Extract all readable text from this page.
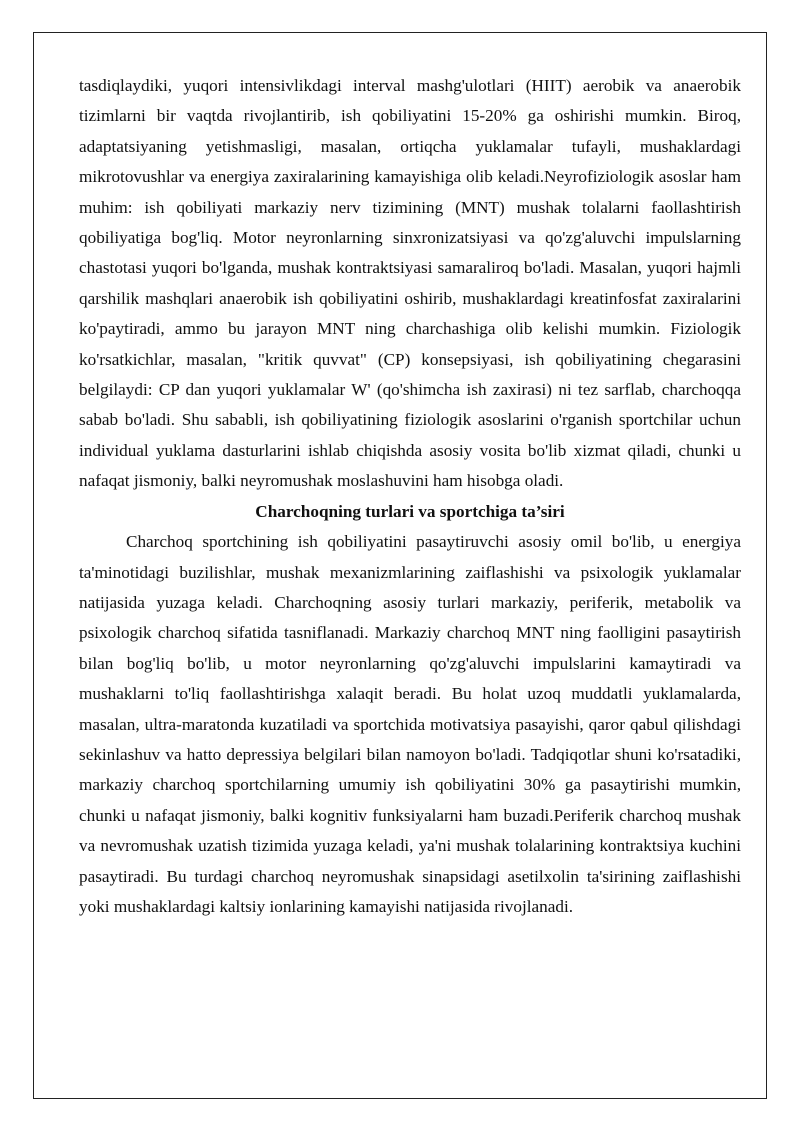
tasdiqlaydiki, yuqori intensivlikdagi interval mashg'ulotlari (HIIT) aerobik va anaerobik tizimlarni bir vaqtda rivojlantirib, ish qobiliyatini 15-20% ga oshirishi mumkin. Biroq, adaptatsiyaning yetishmasligi, masalan, ortiqcha yuklamalar tufayli, mushaklardagi mikrotovushlar va energiya zaxiralarining kamayishiga olib keladi.Neyrofiziologik asoslar ham muhim: ish qobiliyati markaziy nerv tizimining (MNT) mushak tolalarni faollashtirish qobiliyatiga bog'liq. Motor neyronlarning sinxronizatsiyasi va qo'zg'aluvchi impulslarning chastotasi yuqori bo'lganda, mushak kontraktsiyasi samaraliroq bo'ladi. Masalan, yuqori hajmli qarshilik mashqlari anaerobik ish qobiliyatini oshirib, mushaklardagi kreatinfosfat zaxiralarini ko'paytiradi, ammo bu jarayon MNT ning charchashiga olib kelishi mumkin. Fiziologik ko'rsatkichlar, masalan, "kritik quvvat" (CP) konsepsiyasi, ish qobiliyatining chegarasini belgilaydi: CP dan yuqori yuklamalar W' (qo'shimcha ish zaxirasi) ni tez sarflab, charchoqqa sabab bo'ladi. Shu sababli, ish qobiliyatining fiziologik asoslarini o'rganish sportchilar uchun individual yuklama dasturlarini ishlab chiqishda asosiy vosita bo'lib xizmat qiladi, chunki u nafaqat jismoniy, balki neyromushak moslashuvini ham hisobga oladi.

Charchoqning turlari va sportchiga ta’siri

Charchoq sportchining ish qobiliyatini pasaytiruvchi asosiy omil bo'lib, u energiya ta'minotidagi buzilishlar, mushak mexanizmlarining zaiflashishi va psixologik yuklamalar natijasida yuzaga keladi. Charchoqning asosiy turlari markaziy, periferik, metabolik va psixologik charchoq sifatida tasniflanadi. Markaziy charchoq MNT ning faolligini pasaytirish bilan bog'liq bo'lib, u motor neyronlarning qo'zg'aluvchi impulslarini kamaytiradi va mushaklarni to'liq faollashtirishga xalaqit beradi. Bu holat uzoq muddatli yuklamalarda, masalan, ultra-maratonda kuzatiladi va sportchida motivatsiya pasayishi, qaror qabul qilishdagi sekinlashuv va hatto depressiya belgilari bilan namoyon bo'ladi. Tadqiqotlar shuni ko'rsatadiki, markaziy charchoq sportchilarning umumiy ish qobiliyatini 30% ga pasaytirishi mumkin, chunki u nafaqat jismoniy, balki kognitiv funksiyalarni ham buzadi.Periferik charchoq mushak va nevromushak uzatish tizimida yuzaga keladi, ya'ni mushak tolalarining kontraktsiya kuchini pasaytiradi. Bu turdagi charchoq neyromushak sinapsidagi asetilxolin ta'sirining zaiflashishi yoki mushaklardagi kaltsiy ionlarining kamayishi natijasida rivojlanadi.
